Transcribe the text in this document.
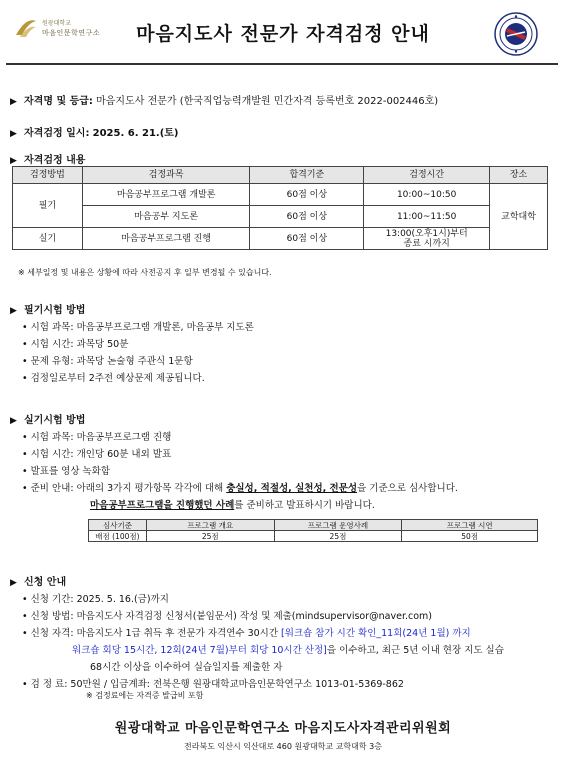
원광대학교
마음인문학연구소	마음지도사 전문가 자격검정 안내
▶ 자격명 및 등급: 마음지도사 전문가 (한국직업능력개발원 민간자격 등록번호 2022-002446호)
▶ 자격검정 일시: 2025. 6. 21.(토)
▶ 자격검정 내용
검정방법	검정과목	합격기준	검정시간	장소
필기	마음공부프로그램 개발론	60점 이상	10:00~10:50	교학대학
	마음공부 지도론	60점 이상	11:00~11:50	
실기	마음공부프로그램 진행	60점 이상	13:00(오후1시)부터
종료 시까지	
※ 세부일정 및 내용은 상황에 따라 사전공지 후 일부 변경될 수 있습니다.
▶ 필기시험 방법
• 시험 과목: 마음공부프로그램 개발론, 마음공부 지도론
• 시험 시간: 과목당 50분
• 문제 유형: 과목당 논술형 주관식 1문항
• 검정일로부터 2주전 예상문제 제공됩니다.
▶ 실기시험 방법
• 시험 과목: 마음공부프로그램 진행
• 시험 시간: 개인당 60분 내외 발표
• 발표를 영상 녹화함
• 준비 안내: 아래의 3가지 평가항목 각각에 대해 충실성, 적절성, 실천성, 전문성을 기준으로 심사합니다.
마음공부프로그램을 진행했던 사례를 준비하고 발표하시기 바랍니다.
심사기준	프로그램 개요	프로그램 운영사례	프로그램 시연
배점 (100점)	25점	25점	50점
▶ 신청 안내
• 신청 기간: 2025. 5. 16.(금)까지
• 신청 방법: 마음지도사 자격검정 신청서(붙임문서) 작성 및 제출(mindsupervisor@naver.com)
• 신청 자격: 마음지도사 1급 취득 후 전문가 자격연수 30시간 [워크숍 참가 시간 확인_11회(24년 1월) 까지
워크숍 회당 15시간, 12회(24년 7월)부터 회당 10시간 산정]을 이수하고, 최근 5년 이내 현장 지도 실습
68시간 이상을 이수하여 실습일지를 제출한 자
• 검 정 료: 50만원 / 입금계좌: 전북은행 원광대학교마음인문학연구소 1013-01-5369-862
※ 검정료에는 자격증 발급비 포함
원광대학교 마음인문학연구소 마음지도사자격관리위원회
전라북도 익산시 익산대로 460 원광대학교 교학대학 3층
